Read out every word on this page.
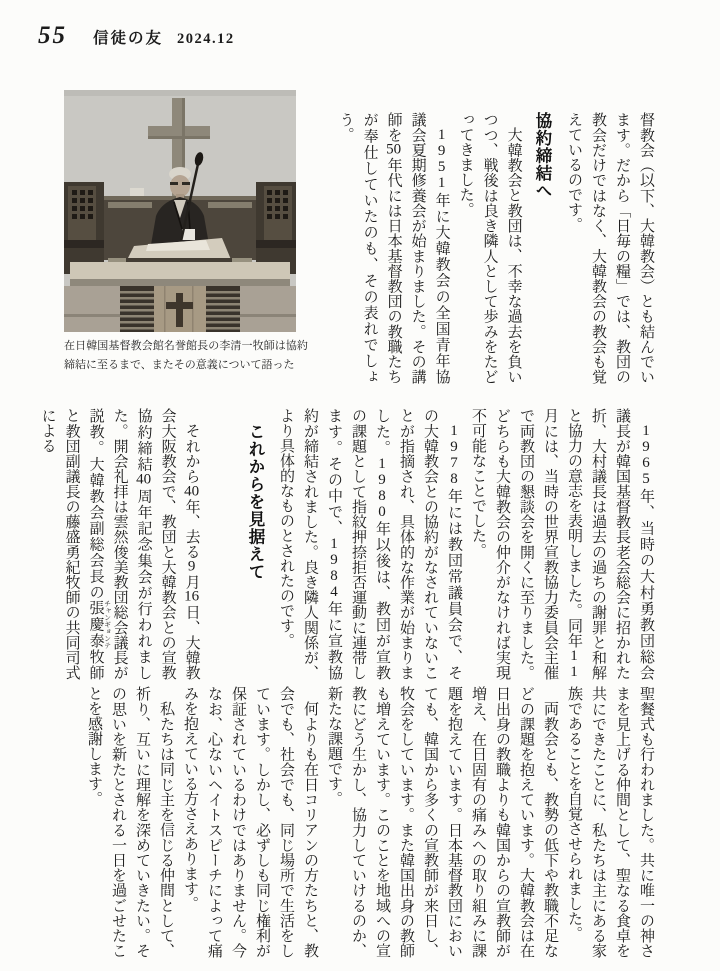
55 信徒の友 2024.12
在日韓国基督教会館名誉館長の李清一牧師は協約締結に至るまで、またその意義について語った	督教会（以下、大韓教会）とも結んでいます。だから「日毎の糧」では、教団の教会だけではなく、大韓教会の教会も覚えているのです。

協約締結へ

大韓教会と教団は、不幸な過去を負いつつ、戦後は良き隣人として歩みをたどってきました。

1951年に大韓教会の全国青年協議会夏期修養会が始まりました。その講師を50年代には日本基督教団の教職たちが奉仕していたのも、その表れでしょう。

1965年、当時の大村勇教団総会議長が韓国基督教長老会総会に招かれた折、大村議長は過去の過ちの謝罪と和解と協力の意志を表明しました。同年11月には、当時の世界宣教協力委員会主催で両教団の懇談会を開くに至りました。どちらも大韓教会の仲介がなければ実現不可能なことでした。

1978年には教団常議員会で、その大韓教会との協約がなされていないことが指摘され、具体的な作業が始まりました。1980年以後は、教団が宣教の課題として指紋押捺拒否運動に連帯します。その中で、1984年に宣教協約が締結されました。良き隣人関係が、より具体的なものとされたのです。

これからを見据えて

それから40年、去る9月16日、大韓教会大阪教会で、教団と大韓教会との宣教協約締結40周年記念集会が行われました。開会礼拝は雲然俊美教団総会議長が説教。大韓教会副総会長の張慶泰 チャンギョンテ牧師と教団副議長の藤盛勇紀牧師の共同司式による

聖餐式も行われました。共に唯一の神さまを見上げる仲間として、聖なる食卓を共にできたことに、私たちは主にある家族であることを自覚させられました。

両教会とも、教勢の低下や教職不足などの課題を抱えています。大韓教会は在日出身の教職よりも韓国からの宣教師が増え、在日固有の痛みへの取り組みに課題を抱えています。日本基督教団においても、韓国から多くの宣教師が来日し、牧会をしています。また韓国出身の教師も増えています。このことを地域への宣教にどう生かし、協力していけるのか、新たな課題です。

何よりも在日コリアンの方たちと、教会でも、社会でも、同じ場所で生活をしています。しかし、必ずしも同じ権利が保証されているわけではありません。今なお、心ないヘイトスピーチによって痛みを抱えている方さえあります。

私たちは同じ主を信じる仲間として、祈り、互いに理解を深めていきたい。その思いを新たとされる一日を過ごせたことを感謝します。
